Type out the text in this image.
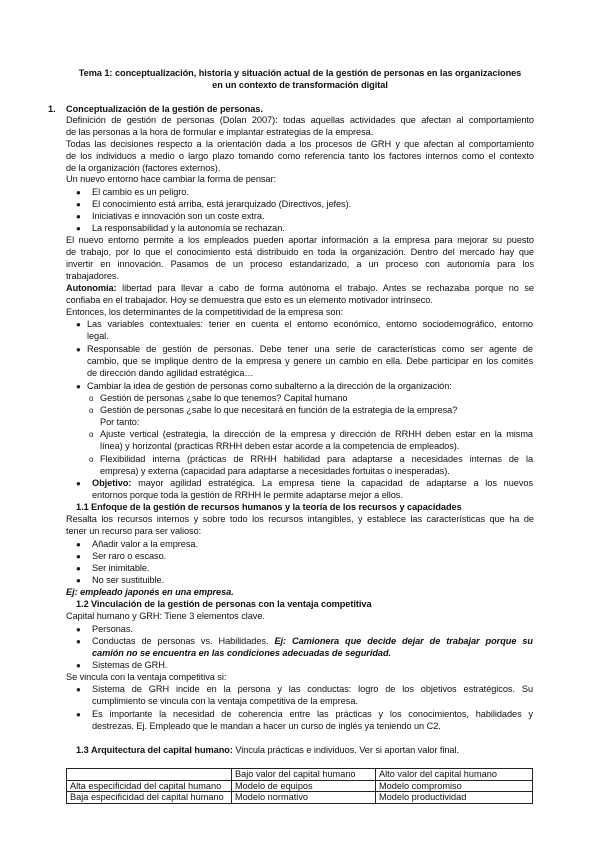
Tema 1: conceptualización, historia y situación actual de la gestión de personas en las organizaciones
en un contexto de transformación digital
1. Conceptualización de la gestión de personas.
Definición de gestión de personas (Dolan 2007): todas aquellas actividades que afectan al comportamiento
de las personas a la hora de formular e implantar estrategias de la empresa.
Todas las decisiones respecto a la orientación dada a los procesos de GRH y que afectan al comportamiento
de los individuos a medio o largo plazo tomando como referencia tanto los factores internos como el contexto
de la organización (factores externos).
Un nuevo entorno hace cambiar la forma de pensar:
● El cambio es un peligro.
● El conocimiento está arriba, está jerarquizado (Directivos, jefes).
● Iniciativas e innovación son un coste extra.
● La responsabilidad y la autonomía se rechazan.
El nuevo entorno permite a los empleados pueden aportar información a la empresa para mejorar su puesto
de trabajo, por lo que el conocimiento está distribuido en toda la organización. Dentro del mercado hay que
invertir en innovación. Pasamos de un proceso estandarizado, a un proceso con autonomía para los
trabajadores.
Autonomía: libertad para llevar a cabo de forma autónoma el trabajo. Antes se rechazaba porque no se
confiaba en el trabajador. Hoy se demuestra que esto es un elemento motivador intrínseco.
Entonces, los determinantes de la competitividad de la empresa son:
● Las variables contextuales: tener en cuenta el entorno económico, entorno sociodemográfico, entorno
legal.
● Responsable de gestión de personas. Debe tener una serie de características como ser agente de
cambio, que se implique dentro de la empresa y genere un cambio en ella. Debe participar en los comités
de dirección dando agilidad estratégica…
● Cambiar la idea de gestión de personas como subalterno a la dirección de la organización:
o Gestión de personas ¿sabe lo que tenemos? Capital humano
o Gestión de personas ¿sabe lo que necesitará en función de la estrategia de la empresa?
Por tanto:
o Ajuste vertical (estrategia, la dirección de la empresa y dirección de RRHH deben estar en la misma
línea) y horizontal (practicas RRHH deben estar acorde a la competencia de empleados).
o Flexibilidad interna (prácticas de RRHH habilidad para adaptarse a necesidades internas de la
empresa) y externa (capacidad para adaptarse a necesidades fortuitas o inesperadas).
● Objetivo: mayor agilidad estratégica. La empresa tiene la capacidad de adaptarse a los nuevos
entornos porque toda la gestión de RRHH le permite adaptarse mejor a ellos.
1.1 Enfoque de la gestión de recursos humanos y la teoría de los recursos y capacidades
Resalta los recursos internos y sobre todo los recursos intangibles, y establece las características que ha de
tener un recurso para ser valioso:
● Añadir valor a la empresa.
● Ser raro o escaso.
● Ser inimitable.
● No ser sustituible.
Ej: empleado japonés en una empresa.
1.2 Vinculación de la gestión de personas con la ventaja competitiva
Capital humano y GRH: Tiene 3 elementos clave.
● Personas.
● Conductas de personas vs. Habilidades. Ej: Camionera que decide dejar de trabajar porque su
camión no se encuentra en las condiciones adecuadas de seguridad.
● Sistemas de GRH.
Se vincula con la ventaja competitiva si:
● Sistema de GRH incide en la persona y las conductas: logro de los objetivos estratégicos. Su
cumplimiento se vincula con la ventaja competitiva de la empresa.
● Es importante la necesidad de coherencia entre las prácticas y los conocimientos, habilidades y
destrezas. Ej. Empleado que le mandan a hacer un curso de inglés ya teniendo un C2.
1.3 Arquitectura del capital humano: Vincula prácticas e individuos. Ver si aportan valor final.
	Bajo valor del capital humano	Alto valor del capital humano
Alta especificidad del capital humano	Modelo de equipos	Modelo compromiso
Baja especificidad del capital humano	Modelo normativo	Modelo productividad
